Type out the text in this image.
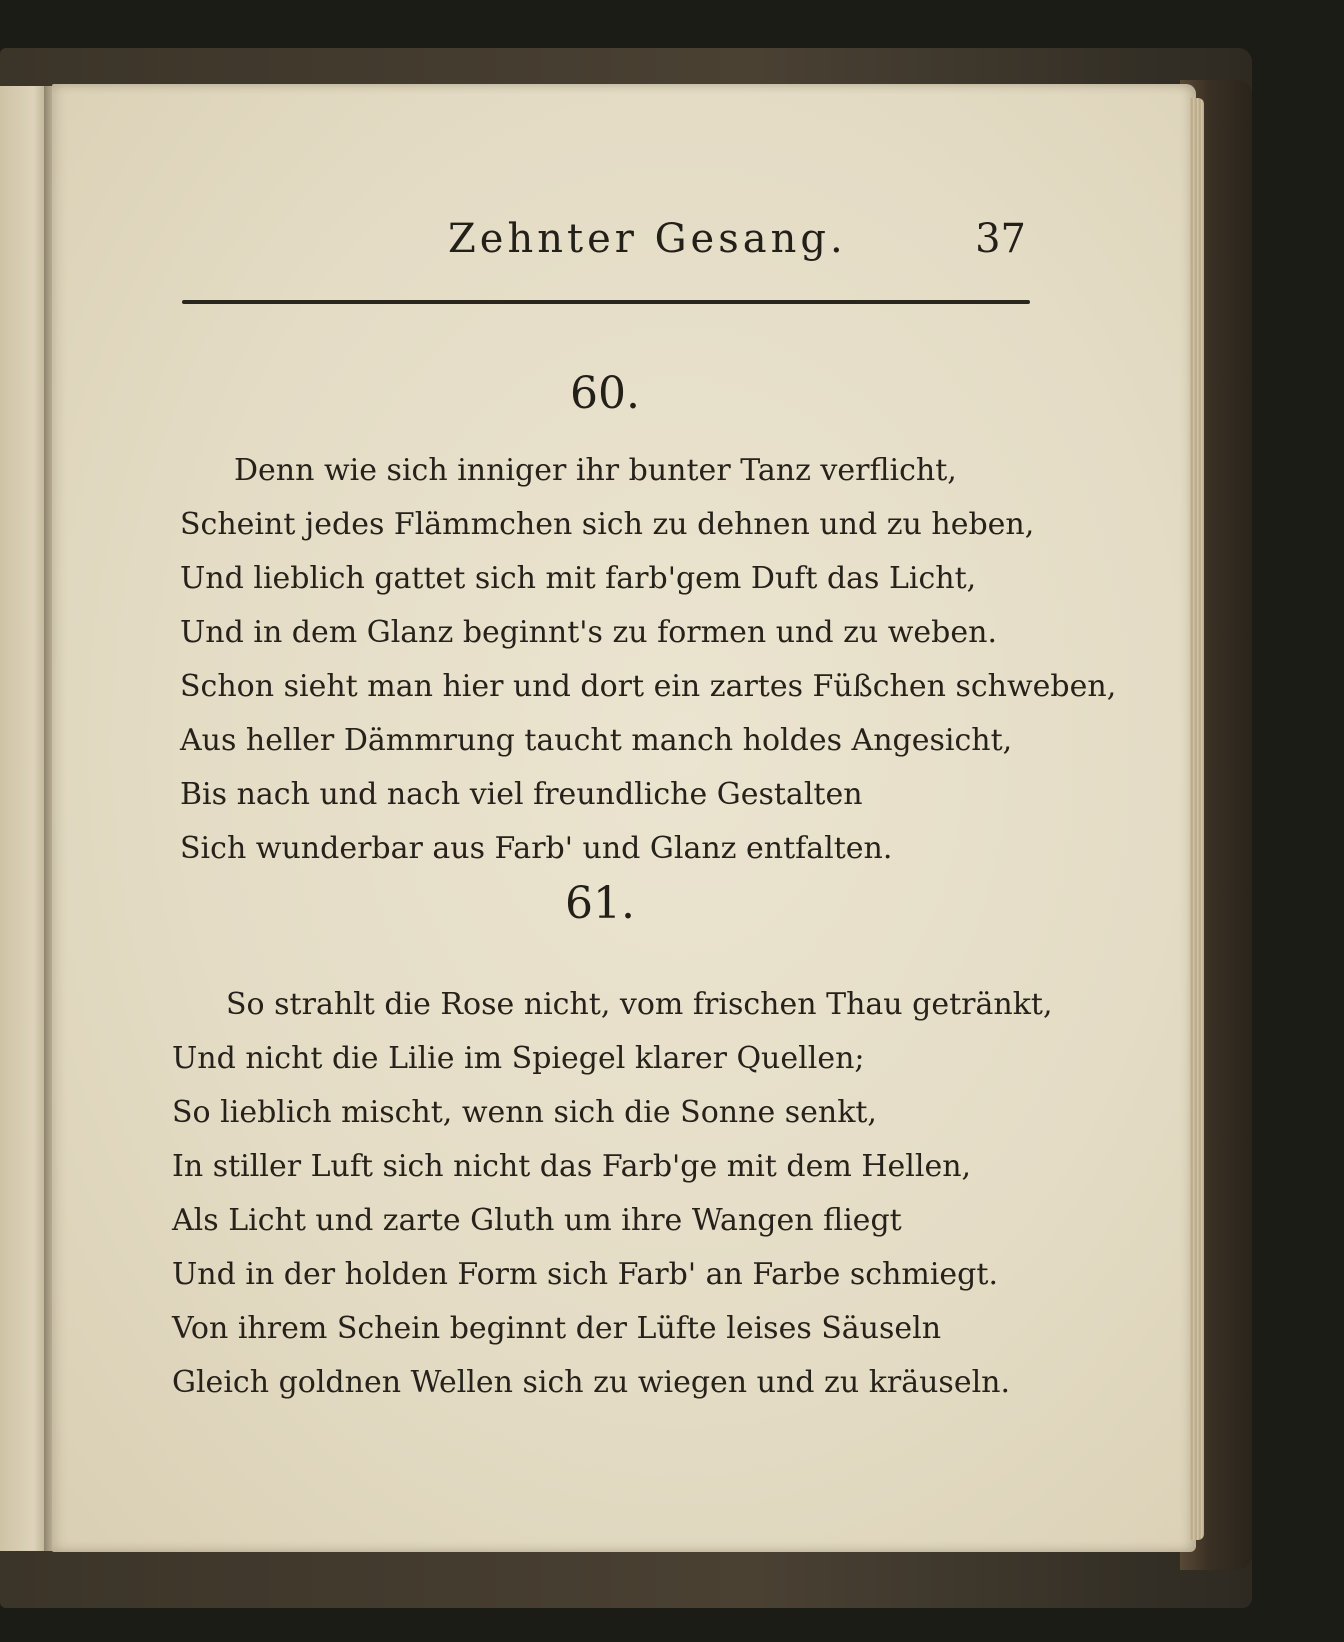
Zehnter Gesang.	37
60.
Denn wie sich inniger ihr bunter Tanz verflicht,
Scheint jedes Flämmchen sich zu dehnen und zu heben,
Und lieblich gattet sich mit farb'gem Duft das Licht,
Und in dem Glanz beginnt's zu formen und zu weben.
Schon sieht man hier und dort ein zartes Füßchen schweben,
Aus heller Dämmrung taucht manch holdes Angesicht,
Bis nach und nach viel freundliche Gestalten
Sich wunderbar aus Farb' und Glanz entfalten.
61.
So strahlt die Rose nicht, vom frischen Thau getränkt,
Und nicht die Lilie im Spiegel klarer Quellen;
So lieblich mischt, wenn sich die Sonne senkt,
In stiller Luft sich nicht das Farb'ge mit dem Hellen,
Als Licht und zarte Gluth um ihre Wangen fliegt
Und in der holden Form sich Farb' an Farbe schmiegt.
Von ihrem Schein beginnt der Lüfte leises Säuseln
Gleich goldnen Wellen sich zu wiegen und zu kräuseln.
